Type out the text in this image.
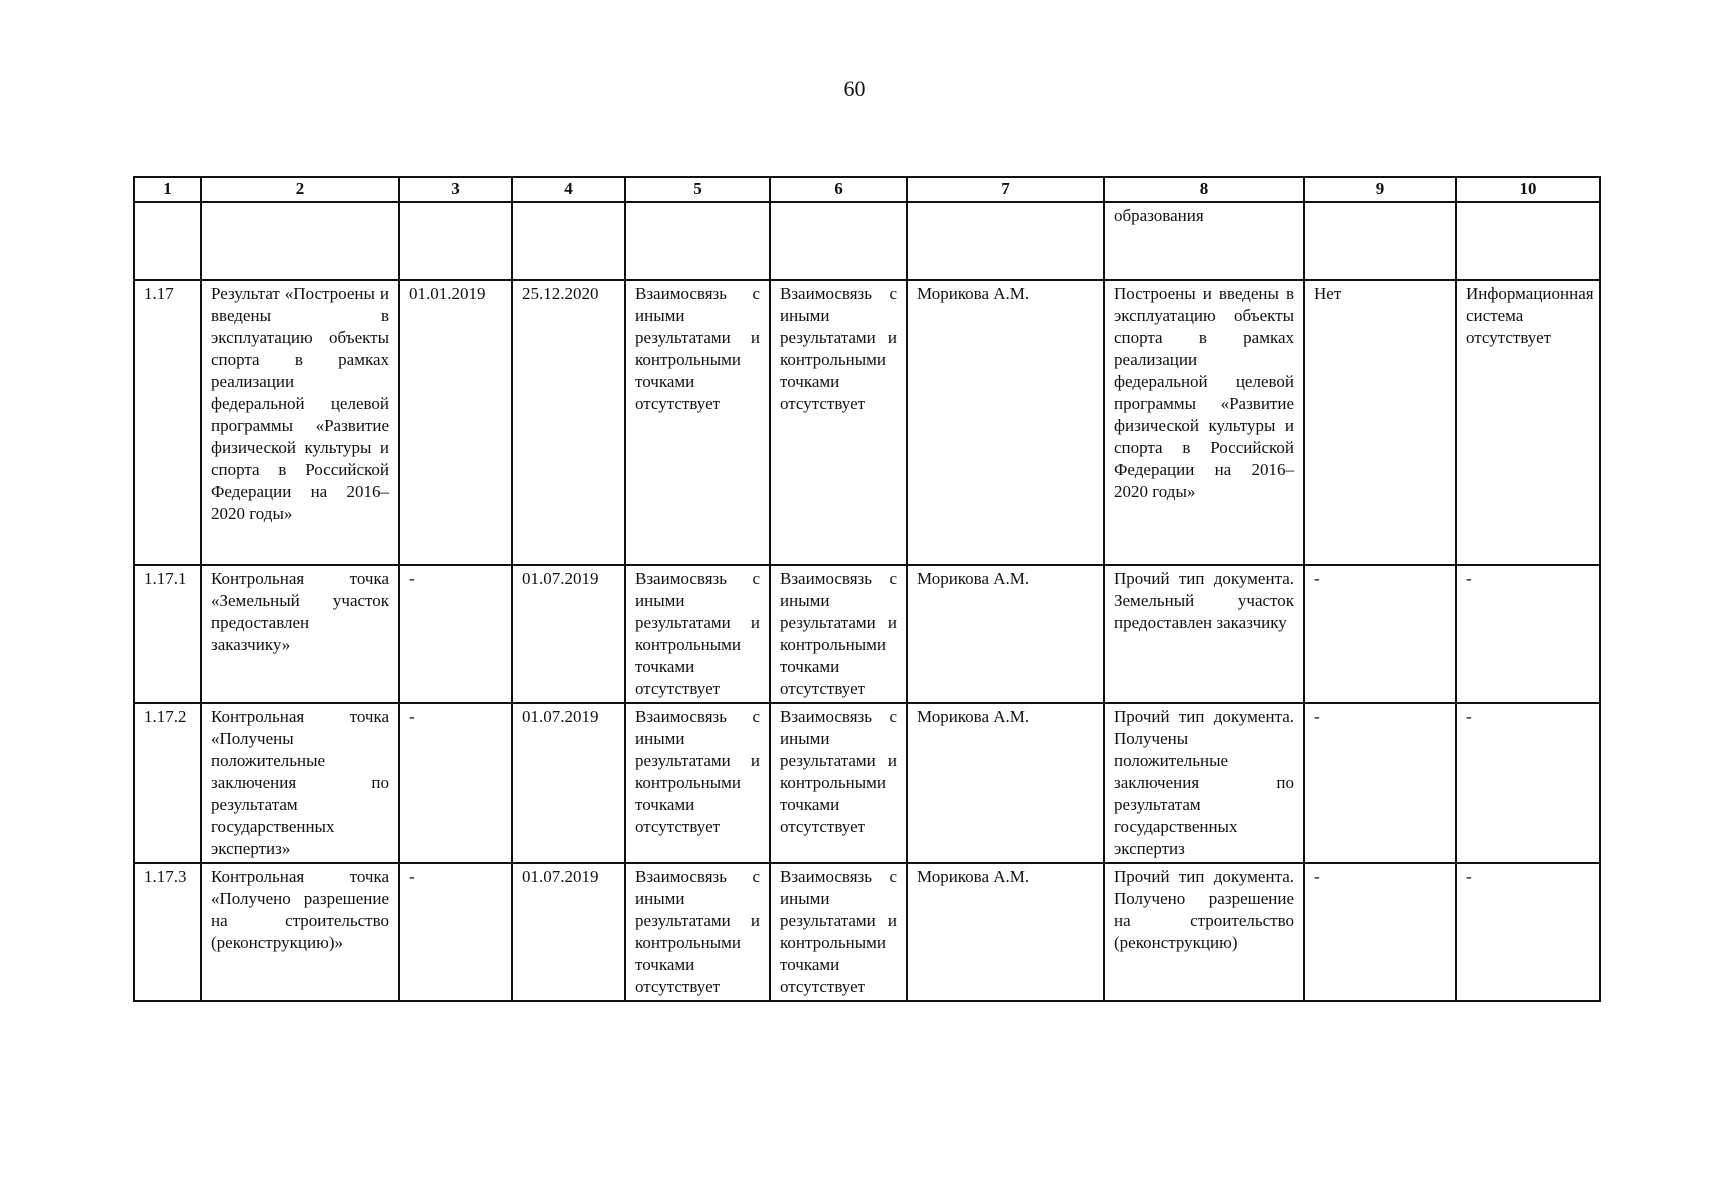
60
1	2	3	4	5	6	7	8	9	10
							образования		
1.17	Результат «Построены и введены в эксплуатацию объекты спорта в рамках реализации федеральной целевой программы «Развитие физической культуры и спорта в Российской Федерации на 2016–2020 годы»	01.01.2019	25.12.2020	Взаимосвязь с иными результатами и контрольными точками отсутствует	Взаимосвязь с иными результатами и контрольными точками отсутствует	Морикова А.М.	Построены и введены в эксплуатацию объекты спорта в рамках реализации федеральной целевой программы «Развитие физической культуры и спорта в Российской Федерации на 2016–2020 годы»	Нет	Информационная система отсутствует
1.17.1	Контрольная точка «Земельный участок предоставлен заказчику»	-	01.07.2019	Взаимосвязь с иными результатами и контрольными точками отсутствует	Взаимосвязь с иными результатами и контрольными точками отсутствует	Морикова А.М.	Прочий тип документа. Земельный участок предоставлен заказчику	-	-
1.17.2	Контрольная точка «Получены положительные заключения по результатам государственных экспертиз»	-	01.07.2019	Взаимосвязь с иными результатами и контрольными точками отсутствует	Взаимосвязь с иными результатами и контрольными точками отсутствует	Морикова А.М.	Прочий тип документа. Получены положительные заключения по результатам государственных экспертиз	-	-
1.17.3	Контрольная точка «Получено разрешение на строительство (реконструкцию)»	-	01.07.2019	Взаимосвязь с иными результатами и контрольными точками отсутствует	Взаимосвязь с иными результатами и контрольными точками отсутствует	Морикова А.М.	Прочий тип документа. Получено разрешение на строительство (реконструкцию)	-	-
